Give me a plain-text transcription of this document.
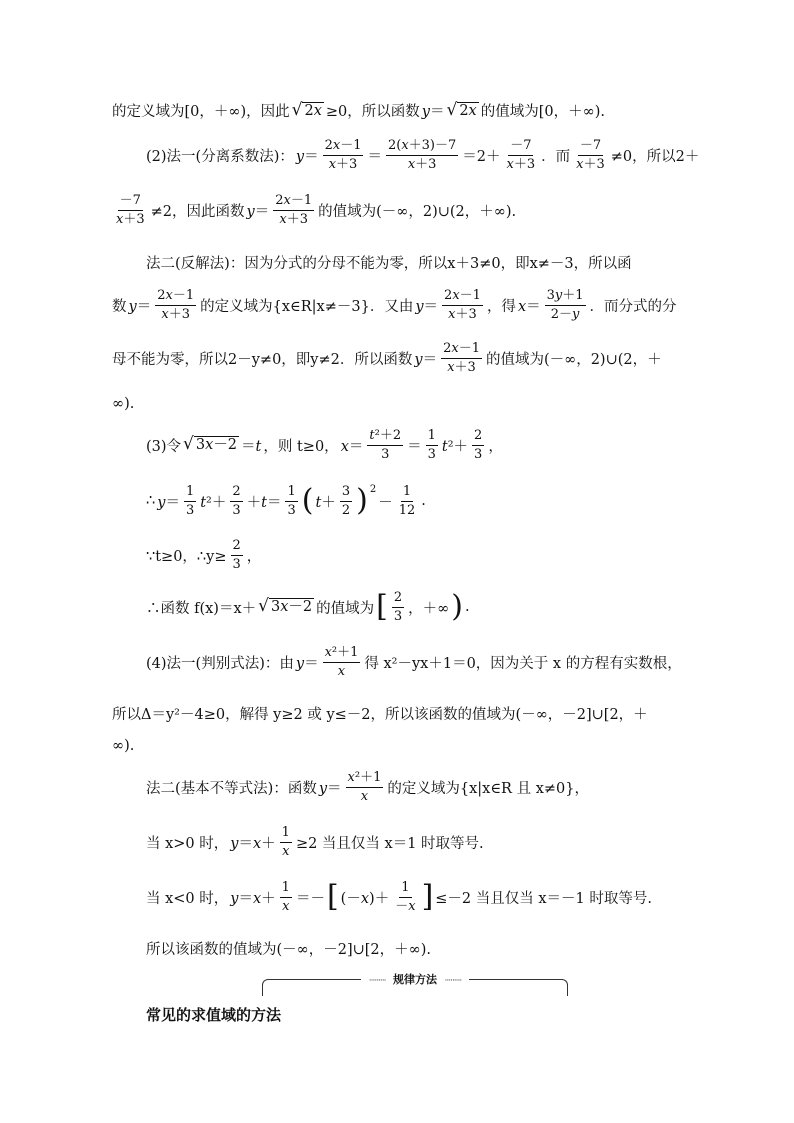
的定义域为[0，＋∞)，因此 √ 2x ≥0，所以函数 y＝ √ 2x 的值域为[0，＋∞).
(2)法一(分离系数法)： $y= \frac{2x-1}{x+3} = \frac{2(x+3)-7}{x+3} =2+ \frac{-7}{x+3}$ ．而 $\frac{-7}{x+3} \ne 0$，所以2＋
$\frac{-7}{x+3} \ne 2$，因此函数 $y= \frac{2x-1}{x+3}$ 的值域为(－∞，2)∪(2，＋∞).
法二(反解法)：因为分式的分母不能为零，所以x＋3≠0，即x≠－3，所以函
数 $y= \frac{2x-1}{x+3}$ 的定义域为{x∈R|x≠－3}．又由 $y= \frac{2x-1}{x+3}$ ，得 $x= \frac{3y+1}{2-y}$ ．而分式的分
母不能为零，所以2－y≠0，即y≠2．所以函数 $y= \frac{2x-1}{x+3}$ 的值域为(－∞，2)∪(2，＋
∞).
(3)令 √ 3x－2 ＝t ，则 t≥0， $x= \frac{\text{t²＋2}}{3} = \frac{1}{3} t^2+ \frac{2}{3}$ ，
∴ $y= \frac{1}{3} t^2+ \frac{2}{3} +t= \frac{1}{3}$ ( $t+ \frac{3}{2}$ ) 2
－ $\frac{1}{12}$ .
∵t≥0，∴y≥ $\frac{2}{3}$ ，
∴函数 f(x)＝x＋ √ 3x－2 的值域为 [ $\frac{2}{3}$ ，＋∞ ) .
(4)法一(判别式法)：由 $y= \frac{\text{x²＋1}}{x}$ 得 x²－yx＋1＝0，因为关于 x 的方程有实数根，
所以Δ＝y²－4≥0，解得 y≥2 或 y≤－2，所以该函数的值域为(－∞，－2]∪[2，＋
∞).
法二(基本不等式法)：函数 $y= \frac{\text{x²＋1}}{x}$ 的定义域为{x|x∈R 且 x≠0}，
当 x>0 时， $y=x+ \frac{1}{x} \ge 2$ 当且仅当 x＝1 时取等号.
当 x<0 时， $y=x+ \frac{1}{x}$ ＝－ [ $(-x)+ \frac{1}{-x}$ ] ≤－2 当且仅当 x＝－1 时取等号.
所以该函数的值域为(－∞，－2]∪[2，＋∞).
········· 规律方法 ·········
常见的求值域的方法
